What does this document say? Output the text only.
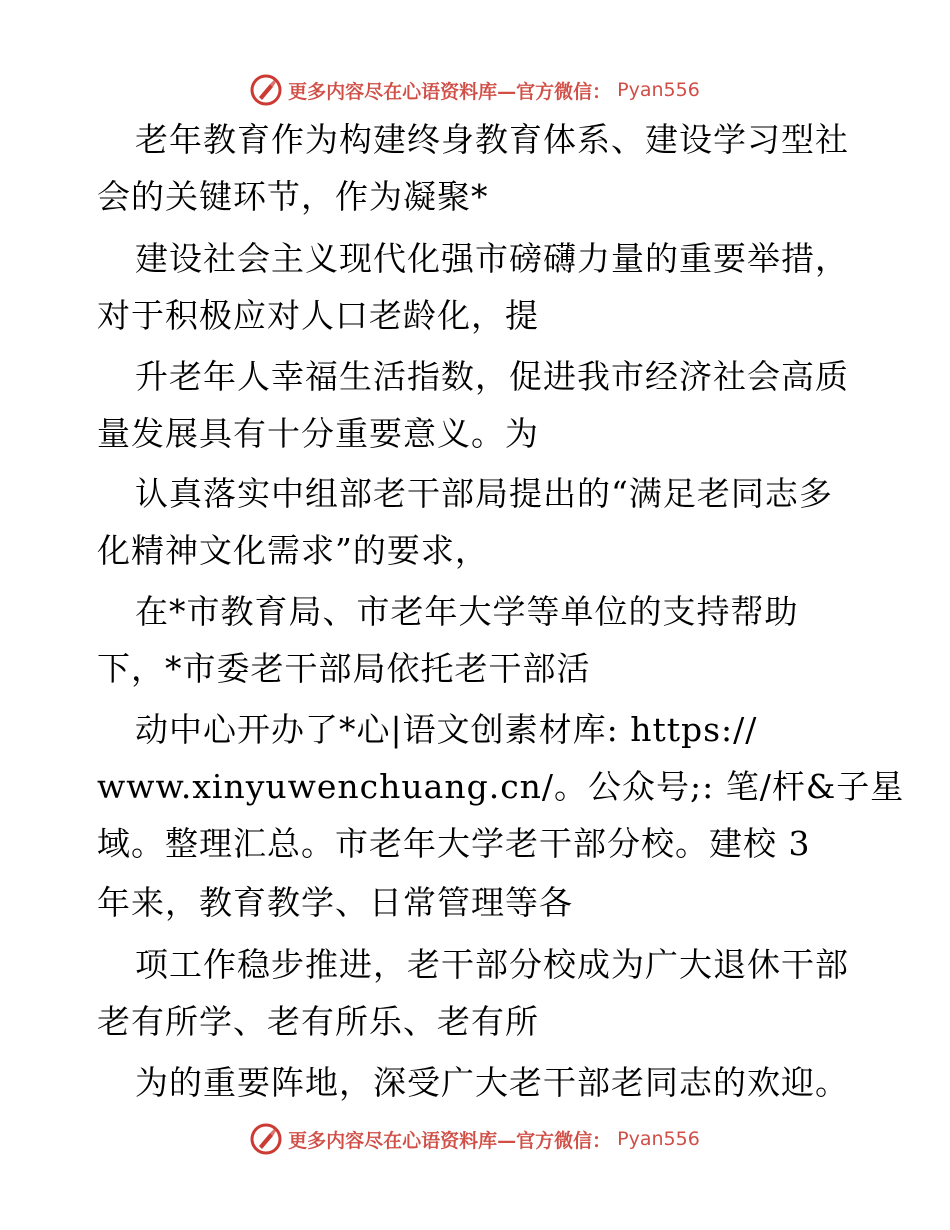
更多内容尽在心语资料库—官方微信： Pyan556
老年教育作为构建终身教育体系、建设学习型社
会的关键环节，作为凝聚*
建设社会主义现代化强市磅礴力量的重要举措，
对于积极应对人口老龄化，提
升老年人幸福生活指数，促进我市经济社会高质
量发展具有十分重要意义。为
认真落实中组部老干部局提出的“满足老同志多
化精神文化需求”的要求，
在*市教育局、市老年大学等单位的支持帮助
下，*市委老干部局依托老干部活
动中心开办了*心|语文创素材库: https://
www.xinyuwenchuang.cn/。公众号;: 笔/杆&子星
域。整理汇总。市老年大学老干部分校。建校 3
年来，教育教学、日常管理等各
项工作稳步推进，老干部分校成为广大退休干部
老有所学、老有所乐、老有所
为的重要阵地，深受广大老干部老同志的欢迎。
更多内容尽在心语资料库—官方微信： Pyan556
